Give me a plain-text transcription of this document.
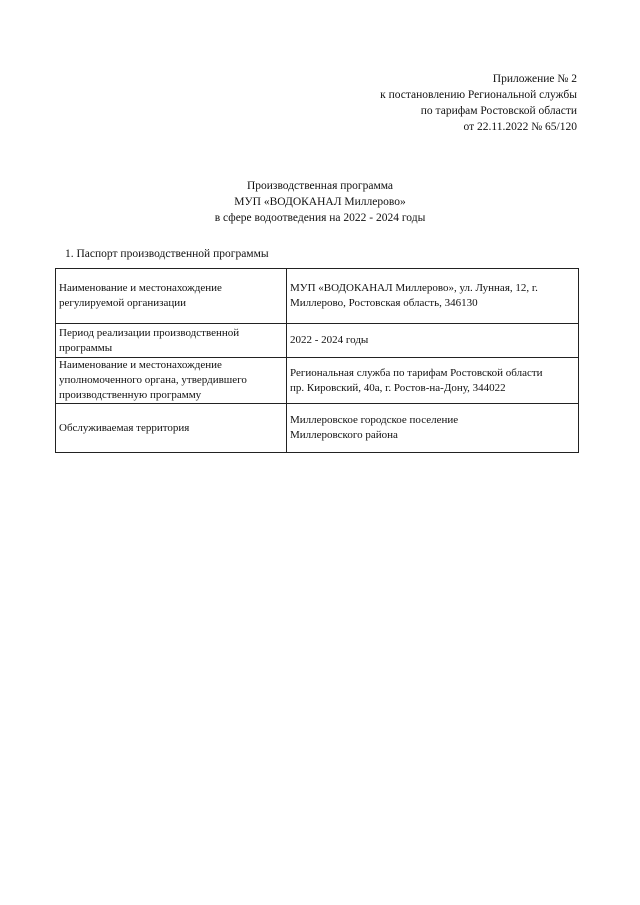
Приложение № 2
к постановлению Региональной службы
по тарифам Ростовской области
от 22.11.2022 № 65/120
Производственная программа
МУП «ВОДОКАНАЛ Миллерово»
в сфере водоотведения на 2022 - 2024 годы
1. Паспорт производственной программы
Наименование и местонахождение
регулируемой организации	МУП «ВОДОКАНАЛ Миллерово», ул. Лунная, 12, г.
Миллерово, Ростовская область, 346130

Период реализации производственной
программы	2022 - 2024 годы

Наименование и местонахождение
уполномоченного органа, утвердившего
производственную программу	Региональная служба по тарифам Ростовской области
пр. Кировский, 40а, г. Ростов-на-Дону, 344022

Обслуживаемая территория	Миллеровское городское поселение
Миллеровского района
